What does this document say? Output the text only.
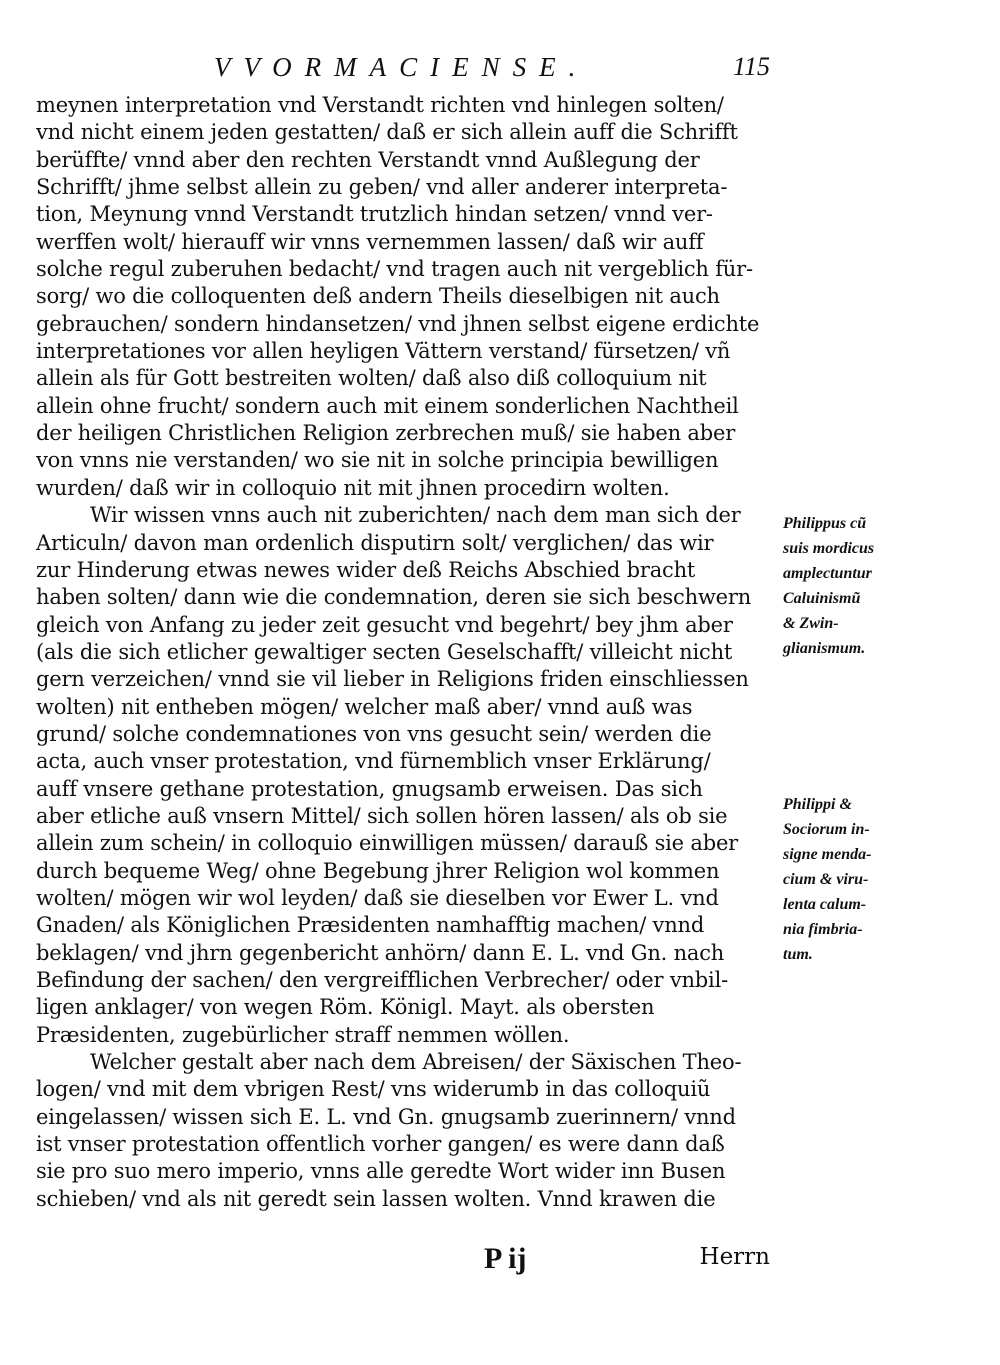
VVORMACIENSE.	115
meynen interpretation vnd Verstandt richten vnd hinlegen solten/
vnd nicht einem jeden gestatten/ daß er sich allein auff die Schrifft
berüffte/ vnnd aber den rechten Verstandt vnnd Außlegung der
Schrifft/ jhme selbst allein zu geben/ vnd aller anderer interpreta-
tion, Meynung vnnd Verstandt trutzlich hindan setzen/ vnnd ver-
werffen wolt/ hierauff wir vnns vernemmen lassen/ daß wir auff
solche regul zuberuhen bedacht/ vnd tragen auch nit vergeblich für-
sorg/ wo die colloquenten deß andern Theils dieselbigen nit auch
gebrauchen/ sondern hindansetzen/ vnd jhnen selbst eigene erdichte
interpretationes vor allen heyligen Vättern verstand/ fürsetzen/ vñ
allein als für Gott bestreiten wolten/ daß also diß colloquium nit
allein ohne frucht/ sondern auch mit einem sonderlichen Nachtheil
der heiligen Christlichen Religion zerbrechen muß/ sie haben aber
von vnns nie verstanden/ wo sie nit in solche principia bewilligen
wurden/ daß wir in colloquio nit mit jhnen procedirn wolten.
Wir wissen vnns auch nit zuberichten/ nach dem man sich der
Articuln/ davon man ordenlich disputirn solt/ verglichen/ das wir
zur Hinderung etwas newes wider deß Reichs Abschied bracht
haben solten/ dann wie die condemnation, deren sie sich beschwern
gleich von Anfang zu jeder zeit gesucht vnd begehrt/ bey jhm aber
(als die sich etlicher gewaltiger secten Geselschafft/ villeicht nicht
gern verzeichen/ vnnd sie vil lieber in Religions friden einschliessen
wolten) nit entheben mögen/ welcher maß aber/ vnnd auß was
grund/ solche condemnationes von vns gesucht sein/ werden die
acta, auch vnser protestation, vnd fürnemblich vnser Erklärung/
auff vnsere gethane protestation, gnugsamb erweisen. Das sich
aber etliche auß vnsern Mittel/ sich sollen hören lassen/ als ob sie
allein zum schein/ in colloquio einwilligen müssen/ darauß sie aber
durch bequeme Weg/ ohne Begebung jhrer Religion wol kommen
wolten/ mögen wir wol leyden/ daß sie dieselben vor Ewer L. vnd
Gnaden/ als Königlichen Præsidenten namhafftig machen/ vnnd
beklagen/ vnd jhrn gegenbericht anhörn/ dann E. L. vnd Gn. nach
Befindung der sachen/ den vergreifflichen Verbrecher/ oder vnbil-
ligen anklager/ von wegen Röm. Königl. Mayt. als obersten
Præsidenten, zugebürlicher straff nemmen wöllen.
Welcher gestalt aber nach dem Abreisen/ der Säxischen Theo-
logen/ vnd mit dem vbrigen Rest/ vns widerumb in das colloquiũ
eingelassen/ wissen sich E. L. vnd Gn. gnugsamb zuerinnern/ vnnd
ist vnser protestation offentlich vorher gangen/ es were dann daß
sie pro suo mero imperio, vnns alle geredte Wort wider inn Busen
schieben/ vnd als nit geredt sein lassen wolten. Vnnd krawen die
Philippus cũ
suis mordicus
amplectuntur
Caluinismũ
& Zwin-
glianismum.
Philippi &
Sociorum in-
signe menda-
cium & viru-
lenta calum-
nia fimbria-
tum.
P ij	Herrn
